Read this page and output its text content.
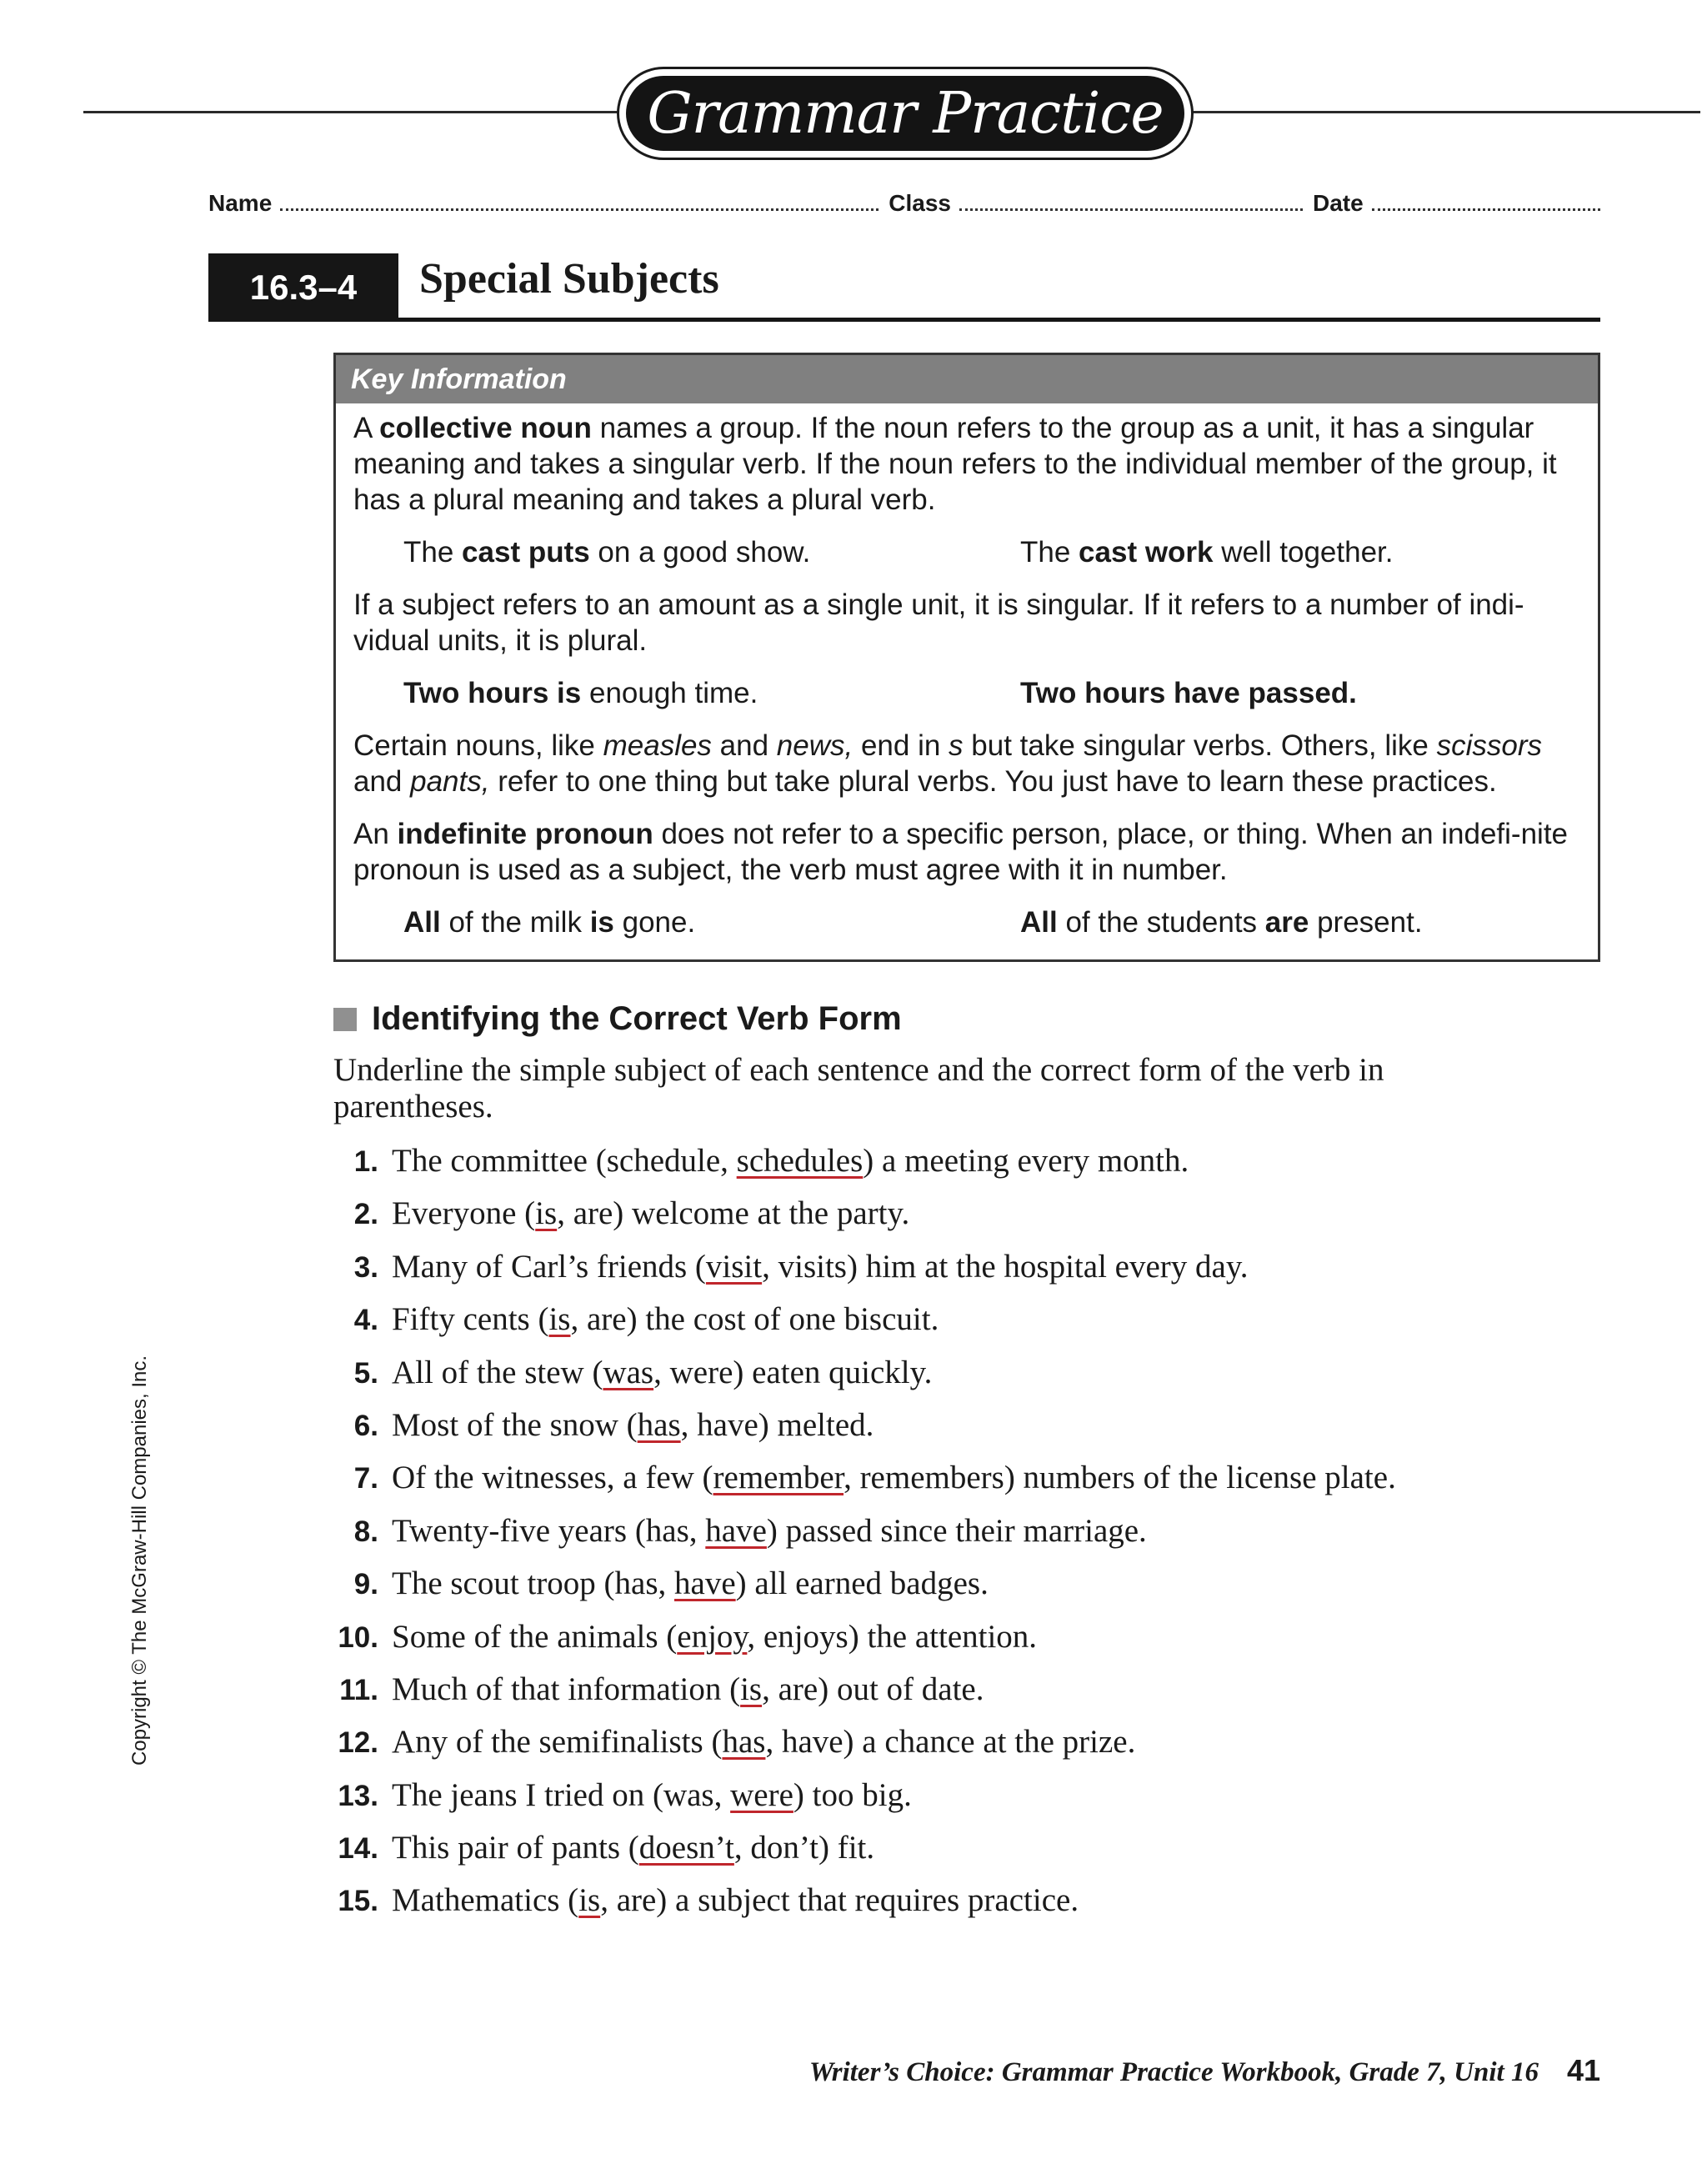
Grammar Practice
Name	Class	Date
16.3–4	Special Subjects
Key Information

A collective noun names a group. If the noun refers to the group as a unit, it has a singular meaning and takes a singular verb. If the noun refers to the individual member of the group, it has a plural meaning and takes a plural verb.

The cast puts on a good show.	The cast work well together.

If a subject refers to an amount as a single unit, it is singular. If it refers to a number of indi-vidual units, it is plural.

Two hours is enough time.	Two hours have passed.

Certain nouns, like measles and news, end in s but take singular verbs. Others, like scissors and pants, refer to one thing but take plural verbs. You just have to learn these practices.

An indefinite pronoun does not refer to a specific person, place, or thing. When an indefi-nite pronoun is used as a subject, the verb must agree with it in number.

All of the milk is gone.	All of the students are present.
Identifying the Correct Verb Form
Underline the simple subject of each sentence and the correct form of the verb in parentheses.
1. The committee (schedule, schedules) a meeting every month.
2. Everyone (is, are) welcome at the party.
3. Many of Carl’s friends (visit, visits) him at the hospital every day.
4. Fifty cents (is, are) the cost of one biscuit.
5. All of the stew (was, were) eaten quickly.
6. Most of the snow (has, have) melted.
7. Of the witnesses, a few (remember, remembers) numbers of the license plate.
8. Twenty-five years (has, have) passed since their marriage.
9. The scout troop (has, have) all earned badges.
10. Some of the animals (enjoy, enjoys) the attention.
11. Much of that information (is, are) out of date.
12. Any of the semifinalists (has, have) a chance at the prize.
13. The jeans I tried on (was, were) too big.
14. This pair of pants (doesn’t, don’t) fit.
15. Mathematics (is, are) a subject that requires practice.
Copyright © The McGraw-Hill Companies, Inc.
Writer’s Choice: Grammar Practice Workbook, Grade 7, Unit 16 41
